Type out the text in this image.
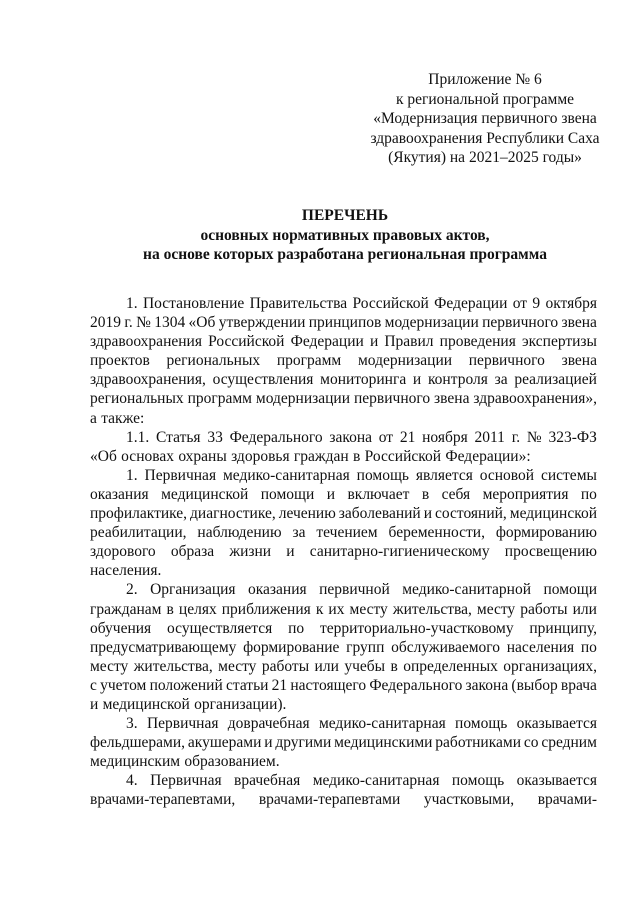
Приложение № 6
к региональной программе
«Модернизация первичного звена
здравоохранения Республики Саха
(Якутия) на 2021–2025 годы»
ПЕРЕЧЕНЬ
основных нормативных правовых актов,
на основе которых разработана региональная программа
1. Постановление Правительства Российской Федерации от 9 октября
2019 г. № 1304 «Об утверждении принципов модернизации первичного звена
здравоохранения Российской Федерации и Правил проведения экспертизы
проектов региональных программ модернизации первичного звена
здравоохранения, осуществления мониторинга и контроля за реализацией
региональных программ модернизации первичного звена здравоохранения»,
а также:
1.1. Статья 33 Федерального закона от 21 ноября 2011 г. № 323-ФЗ
«Об основах охраны здоровья граждан в Российской Федерации»:
1. Первичная медико-санитарная помощь является основой системы
оказания медицинской помощи и включает в себя мероприятия по
профилактике, диагностике, лечению заболеваний и состояний, медицинской
реабилитации, наблюдению за течением беременности, формированию
здорового образа жизни и санитарно-гигиеническому просвещению
населения.
2. Организация оказания первичной медико-санитарной помощи
гражданам в целях приближения к их месту жительства, месту работы или
обучения осуществляется по территориально-участковому принципу,
предусматривающему формирование групп обслуживаемого населения по
месту жительства, месту работы или учебы в определенных организациях,
с учетом положений статьи 21 настоящего Федерального закона (выбор врача
и медицинской организации).
3. Первичная доврачебная медико-санитарная помощь оказывается
фельдшерами, акушерами и другими медицинскими работниками со средним
медицинским образованием.
4. Первичная врачебная медико-санитарная помощь оказывается
врачами-терапевтами, врачами-терапевтами участковыми, врачами-
